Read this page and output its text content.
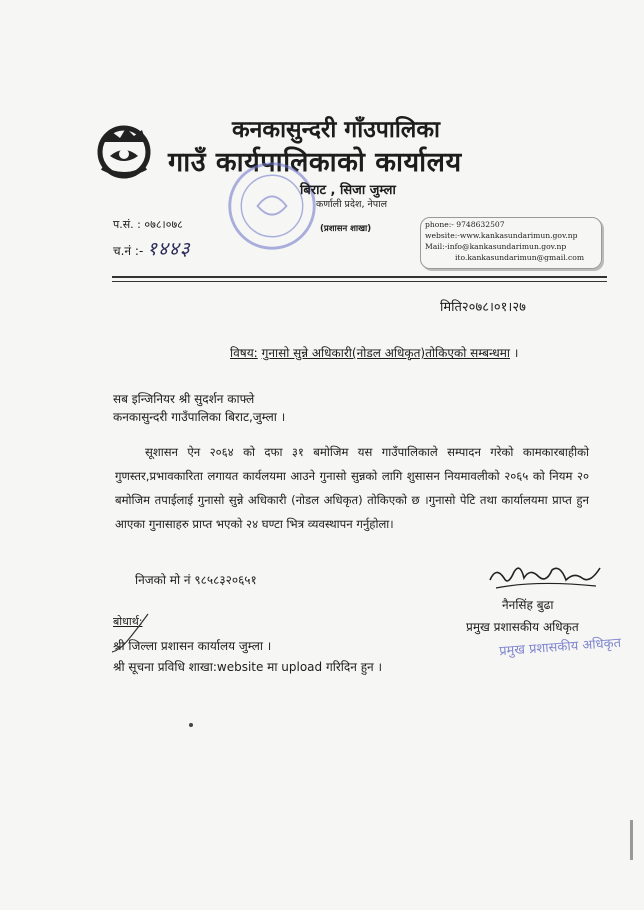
कनकासुन्दरी गाँउपालिका
गाउँ कार्यपालिकाको कार्यालय
बिराट , सिजा जुम्ला
कर्णाली प्रदेश, नेपाल
(प्रशासन शाखा)
प.सं. : ०७८।०७८
च.नं :- १४४३
phone:- 9748632507
website:-www.kankasundarimun.gov.np
Mail:-info@kankasundarimun.gov.np
ito.kankasundarimun@gmail.com
मिति२०७८।०१।२७
विषय: गुनासो सुन्ने अधिकारी(नोडल अधिकृत)तोकिएको सम्बन्धमा ।
सब इन्जिनियर श्री सुदर्शन काफ्ले
कनकासुन्दरी गाउँपालिका बिराट,जुम्ला ।
सूशासन ऐन २०६४ को दफा ३१ बमोजिम यस गाउँपालिकाले सम्पादन गरेको कामकारबाहीको गुणस्तर,प्रभावकारिता लगायत कार्यलयमा आउने गुनासो सुन्नको लागि शुसासन नियमावलीको २०६५ को नियम २० बमोजिम तपाईलाई गुनासो सुन्ने अधिकारी (नोडल अधिकृत) तोकिएको छ ।गुनासो पेटि तथा कार्यालयमा प्राप्त हुन आएका गुनासाहरु प्राप्त भएको २४ घण्टा भित्र व्यवस्थापन गर्नुहोला।
निजको मो नं ९८५८३२०६५१
नैनसिंह बुढा
प्रमुख प्रशासकीय अधिकृत
प्रमुख प्रशासकीय अधिकृत
बोधार्थ:
श्री जिल्ला प्रशासन कार्यालय जुम्ला ।
श्री सूचना प्रविधि शाखा:website मा upload गरिदिन हुन ।
